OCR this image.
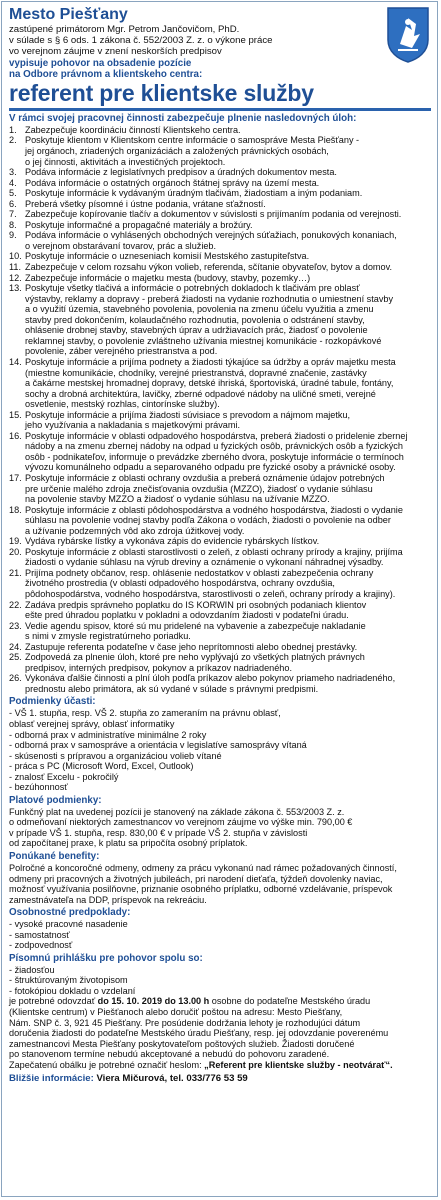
Mesto Piešťany
zastúpené primátorom Mgr. Petrom Jančovičom, PhD.
v súlade s § 6 ods. 1 zákona č. 552/2003 Z. z. o výkone práce
vo verejnom záujme v znení neskorších predpisov
vypisuje pohovor na obsadenie pozície
na Odbore právnom a klientskeho centra:
referent pre klientske služby
V rámci svojej pracovnej činnosti zabezpečuje plnenie nasledovných úloh:
1. Zabezpečuje koordináciu činností Klientskeho centra.
2. Poskytuje klientom v Klientskom centre informácie o samospráve Mesta Piešťany -
jej orgánoch, zriadených organizáciách a založených právnických osobách,
o jej činnosti, aktivitách a investičných projektoch.
3. Podáva informácie z legislatívnych predpisov a úradných dokumentov mesta.
4. Podáva informácie o ostatných orgánoch štátnej správy na území mesta.
5. Poskytuje informácie k vydávaným úradným tlačivám, žiadostiam a iným podaniam.
6. Preberá všetky písomné i ústne podania, vrátane sťažností.
7. Zabezpečuje kopírovanie tlačív a dokumentov v súvislosti s prijímaním podania od verejnosti.
8. Poskytuje informačné a propagačné materiály a brožúry.
9. Podáva informácie o vyhlásených obchodných verejných súťažiach, ponukových konaniach,
o verejnom obstarávaní tovarov, prác a služieb.
10. Poskytuje informácie o uzneseniach komisií Mestského zastupiteľstva.
11. Zabezpečuje v celom rozsahu výkon volieb, referenda, sčítanie obyvateľov, bytov a domov.
12. Zabezpečuje informácie o majetku mesta (budovy, stavby, pozemky…)
13. Poskytuje všetky tlačivá a informácie o potrebných dokladoch k tlačivám pre oblasť
výstavby, reklamy a dopravy - preberá žiadosti na vydanie rozhodnutia o umiestnení stavby
a o využití územia, stavebného povolenia, povolenia na zmenu účelu využitia a zmenu
stavby pred dokončením, kolaudačného rozhodnutia, povolenia o odstránení stavby,
ohlásenie drobnej stavby, stavebných úprav a udržiavacích prác, žiadosť o povolenie
reklamnej stavby, o povolenie zvláštneho užívania miestnej komunikácie - rozkopávkové
povolenie, záber verejného priestranstva a pod.
14. Poskytuje informácie a prijíma podnety a žiadosti týkajúce sa údržby a opráv majetku mesta
(miestne komunikácie, chodníky, verejné priestranstvá, dopravné značenie, zastávky
a čakárne mestskej hromadnej dopravy, detské ihriská, športoviská, úradné tabule, fontány,
sochy a drobná architektúra, lavičky, zberné odpadové nádoby na uličné smeti, verejné
osvetlenie, mestský rozhlas, cintorínske služby).
15. Poskytuje informácie a prijíma žiadosti súvisiace s prevodom a nájmom majetku,
jeho využívania a nakladania s majetkovými právami.
16. Poskytuje informácie v oblasti odpadového hospodárstva, preberá žiadosti o pridelenie zbernej
nádoby a na zmenu zbernej nádoby na odpad u fyzických osôb, právnických osôb a fyzických
osôb - podnikateľov, informuje o prevádzke zberného dvora, poskytuje informácie o termínoch
vývozu komunálneho odpadu a separovaného odpadu pre fyzické osoby a právnické osoby.
17. Poskytuje informácie z oblasti ochrany ovzdušia a preberá oznámenie údajov potrebných
pre určenie malého zdroja znečisťovania ovzdušia (MZZO), žiadosť o vydanie súhlasu
na povolenie stavby MZZO a žiadosť o vydanie súhlasu na užívanie MZZO.
18. Poskytuje informácie z oblasti pôdohospodárstva a vodného hospodárstva, žiadosti o vydanie
súhlasu na povolenie vodnej stavby podľa Zákona o vodách, žiadosti o povolenie na odber
a užívanie podzemných vôd ako zdroja úžitkovej vody.
19. Vydáva rybárske lístky a vykonáva zápis do evidencie rybárskych lístkov.
20. Poskytuje informácie z oblasti starostlivosti o zeleň, z oblasti ochrany prírody a krajiny, prijíma
žiadosti o vydanie súhlasu na výrub dreviny a oznámenie o vykonaní náhradnej výsadby.
21. Prijíma podnety občanov, resp. ohlásenie nedostatkov v oblasti zabezpečenia ochrany
životného prostredia (v oblasti odpadového hospodárstva, ochrany ovzdušia,
pôdohospodárstva, vodného hospodárstva, starostlivosti o zeleň, ochrany prírody a krajiny).
22. Zadáva predpis správneho poplatku do IS KORWIN pri osobných podaniach klientov
ešte pred úhradou poplatku v pokladni a odovzdaním žiadosti v podateľni úradu.
23. Vedie agendu spisov, ktoré sú mu pridelené na vybavenie a zabezpečuje nakladanie
s nimi v zmysle registratúrneho poriadku.
24. Zastupuje referenta podateľne v čase jeho neprítomnosti alebo obednej prestávky.
25. Zodpovedá za plnenie úloh, ktoré pre neho vyplývajú zo všetkých platných právnych
predpisov, interných predpisov, pokynov a príkazov nadriadeného.
26. Vykonáva ďalšie činnosti a plní úloh podľa príkazov alebo pokynov priameho nadriadeného,
prednostu alebo primátora, ak sú vydané v súlade s právnymi predpismi.
Podmienky účasti:
- VŠ 1. stupňa, resp. VŠ 2. stupňa zo zameraním na právnu oblasť,
oblasť verejnej správy, oblasť informatiky
- odborná prax v administratíve minimálne 2 roky
- odborná prax v samospráve a orientácia v legislatíve samosprávy vítaná
- skúsenosti s prípravou a organizáciou volieb vítané
- práca s PC (Microsoft Word, Excel, Outlook)
- znalosť Excelu - pokročilý
- bezúhonnosť
Platové podmienky:
Funkčný plat na uvedenej pozícii je stanovený na základe zákona č. 553/2003 Z. z.
o odmeňovaní niektorých zamestnancov vo verejnom záujme vo výške min. 790,00 €
v prípade VŠ 1. stupňa, resp. 830,00 € v prípade VŠ 2. stupňa v závislosti
od započítanej praxe, k platu sa pripočíta osobný príplatok.
Ponúkané benefity:
Polročné a koncoročné odmeny, odmeny za prácu vykonanú nad rámec požadovaných činností,
odmeny pri pracovných a životných jubileách, pri narodení dieťaťa, týždeň dovolenky naviac,
možnosť využívania posilňovne, priznanie osobného príplatku, odborné vzdelávanie, príspevok
zamestnávateľa na DDP, príspevok na rekreáciu.
Osobnostné predpoklady:
- vysoké pracovné nasadenie
- samostatnosť
- zodpovednosť
Písomnú prihlášku pre pohovor spolu so:
- žiadosťou
- štruktúrovaným životopisom
- fotokópiou dokladu o vzdelaní
je potrebné odovzdať do 15. 10. 2019 do 13.00 h osobne do podateľne Mestského úradu
(Klientske centrum) v Piešťanoch alebo doručiť poštou na adresu: Mesto Piešťany,
Nám. SNP č. 3, 921 45 Piešťany. Pre posúdenie dodržania lehoty je rozhodujúci dátum
doručenia žiadosti do podateľne Mestského úradu Piešťany, resp. jej odovzdanie poverenému
zamestnancovi Mesta Piešťany poskytovateľom poštových služieb. Žiadosti doručené
po stanovenom termíne nebudú akceptované a nebudú do pohovoru zaradené.
Zapečatenú obálku je potrebné označiť heslom: „Referent pre klientske služby - neotvárať“.
Bližšie informácie: Viera Mičurová, tel. 033/776 53 59
